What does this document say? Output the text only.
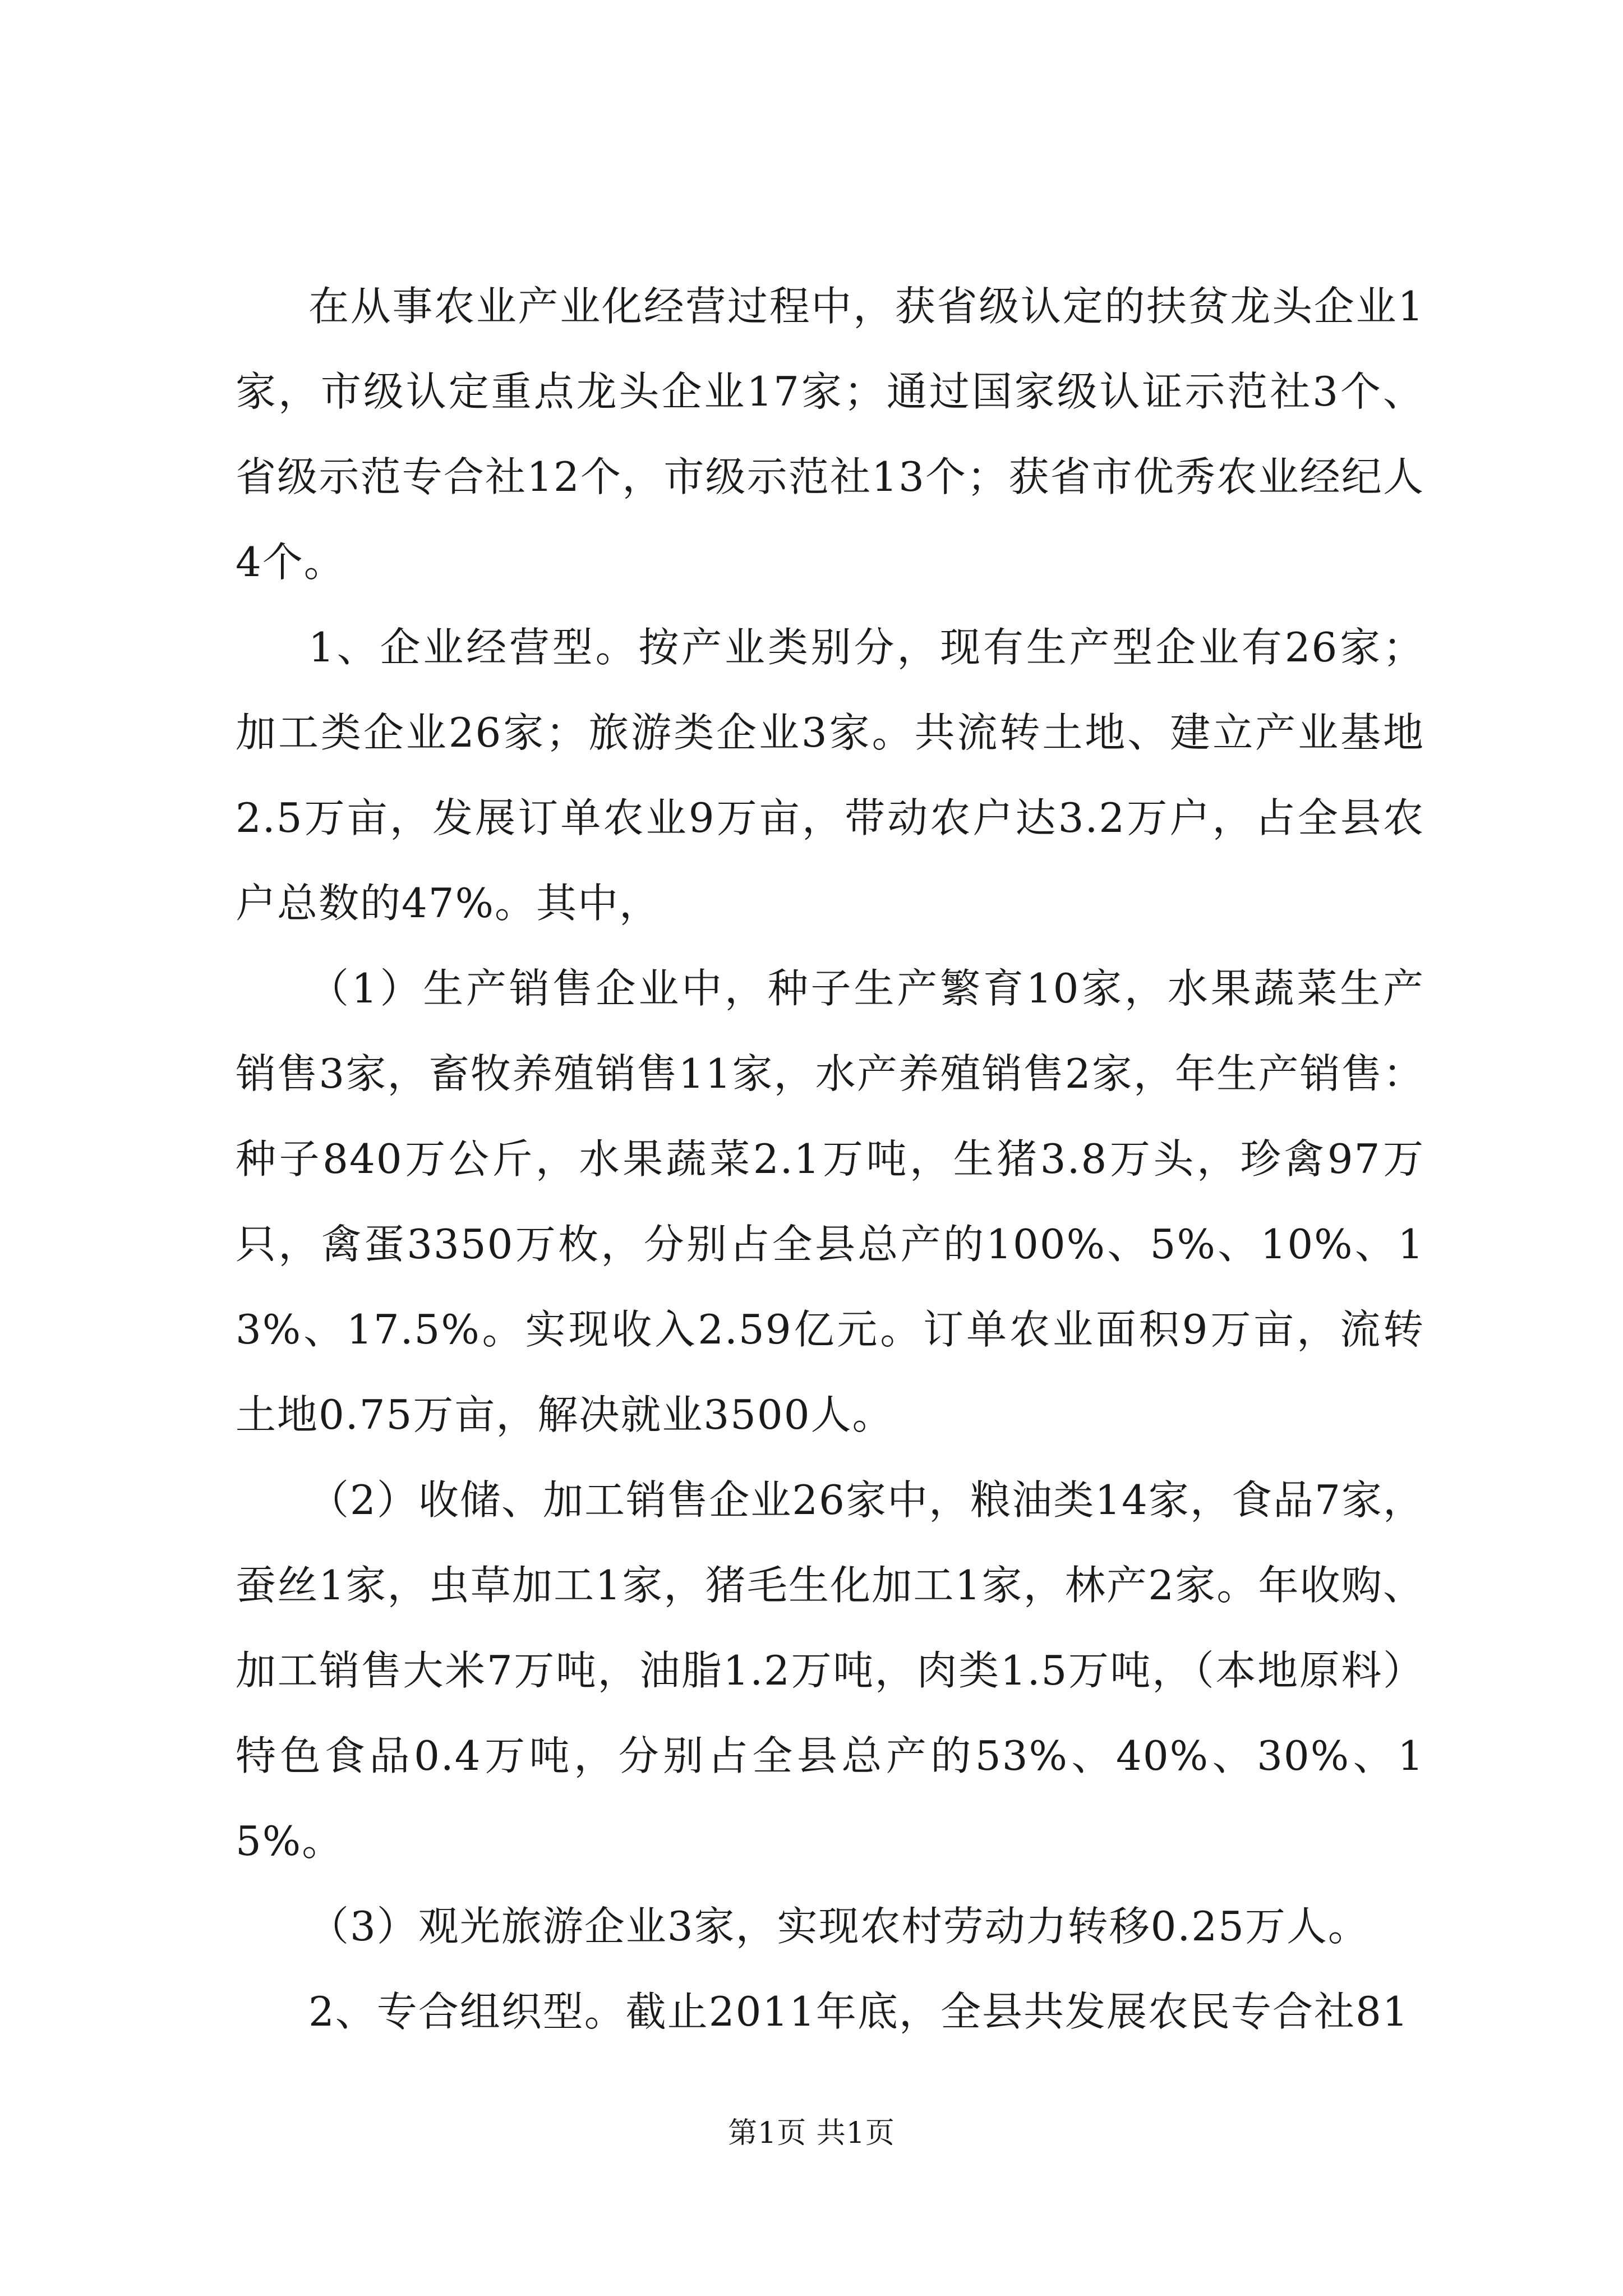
在从事农业产业化经营过程中，获省级认定的扶贫龙头企业1家，市级认定重点龙头企业17家；通过国家级认证示范社3个、省级示范专合社12个，市级示范社13个；获省市优秀农业经纪人4个。

1、企业经营型。按产业类别分，现有生产型企业有26家；加工类企业26家；旅游类企业3家。共流转土地、建立产业基地2.5万亩，发展订单农业9万亩，带动农户达3.2万户，占全县农户总数的47%。其中，

（1）生产销售企业中，种子生产繁育10家，水果蔬菜生产销售3家，畜牧养殖销售11家，水产养殖销售2家，年生产销售：种子840万公斤，水果蔬菜2.1万吨，生猪3.8万头，珍禽97万只，禽蛋3350万枚，分别占全县总产的100%、5%、10%、13%、17.5%。实现收入2.59亿元。订单农业面积9万亩，流转土地0.75万亩，解决就业3500人。

（2）收储、加工销售企业26家中，粮油类14家，食品7家，蚕丝1家，虫草加工1家，猪毛生化加工1家，林产2家。年收购、加工销售大米7万吨，油脂1.2万吨，肉类1.5万吨，（本地原料）特色食品0.4万吨，分别占全县总产的53%、40%、30%、15%。

（3）观光旅游企业3家，实现农村劳动力转移0.25万人。

2、专合组织型。截止2011年底，全县共发展农民专合社81

第1页 共1页
